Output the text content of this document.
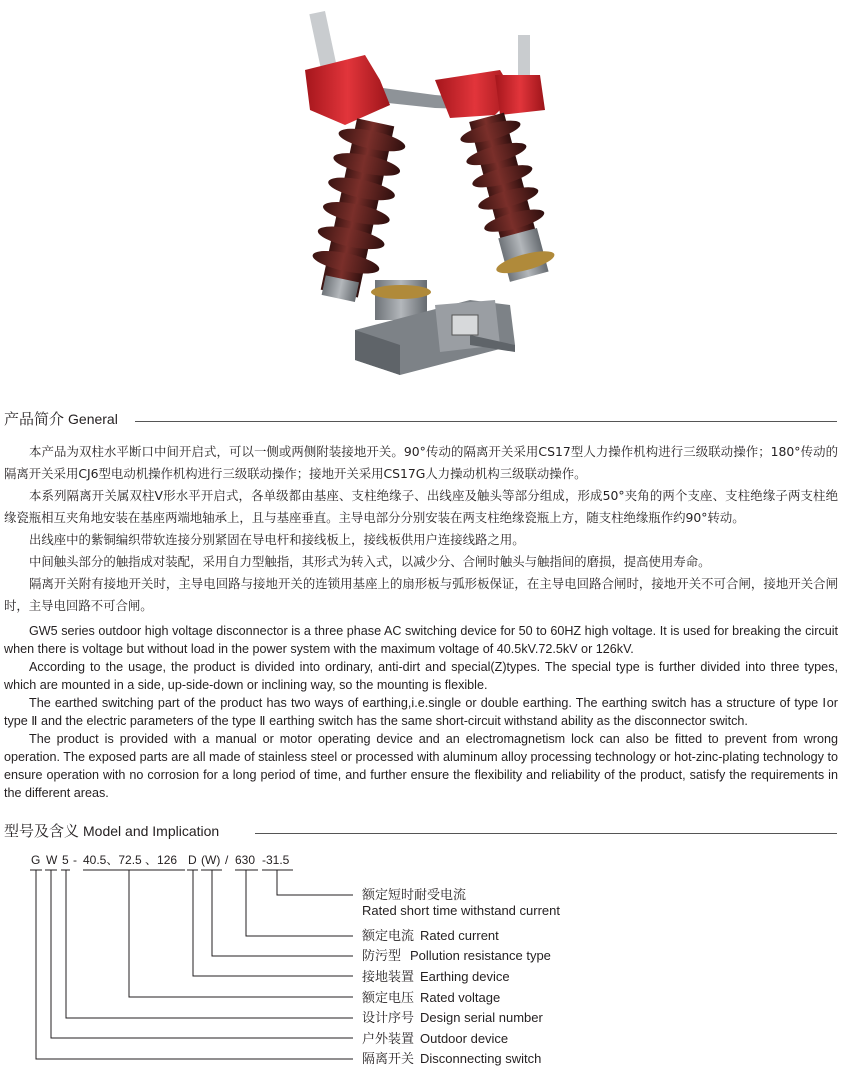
产品简介 General

本产品为双柱水平断口中间开启式，可以一侧或两侧附装接地开关。90°传动的隔离开关采用CS17型人力操作机构进行三级联动操作；180°传动的隔离开关采用CJ6型电动机操作机构进行三级联动操作；接地开关采用CS17G人力操动机构三级联动操作。

本系列隔离开关属双柱V形水平开启式，各单级都由基座、支柱绝缘子、出线座及触头等部分组成，形成50°夹角的两个支座、支柱绝缘子两支柱绝缘瓷瓶相互夹角地安装在基座两端地轴承上，且与基座垂直。主导电部分分别安装在两支柱绝缘瓷瓶上方，随支柱绝缘瓶作约90°转动。

出线座中的紫铜编织带软连接分别紧固在导电杆和接线板上，接线板供用户连接线路之用。

中间触头部分的触指成对装配，采用自力型触指，其形式为转入式，以减少分、合闸时触头与触指间的磨损，提高使用寿命。

隔离开关附有接地开关时，主导电回路与接地开关的连锁用基座上的扇形板与弧形板保证，在主导电回路合闸时，接地开关不可合闸，接地开关合闸时，主导电回路不可合闸。

GW5 series outdoor high voltage disconnector is a three phase AC switching device for 50 to 60HZ high voltage. It is used for breaking the circuit when there is voltage but without load in the power system with the maximum voltage of 40.5kV.72.5kV or 126kV.

According to the usage, the product is divided into ordinary, anti-dirt and special(Z)types. The special type is further divided into three types, which are mounted in a side, up-side-down or inclining way, so the mounting is flexible.

The earthed switching part of the product has two ways of earthing,i.e.single or double earthing. The earthing switch has a structure of type Ⅰor type Ⅱ and the electric parameters of the type Ⅱ earthing switch has the same short-circuit withstand ability as the disconnector switch.

The product is provided with a manual or motor operating device and an electromagnetism lock can also be fitted to prevent from wrong operation. The exposed parts are all made of stainless steel or processed with aluminum alloy processing technology or hot-zinc-plating technology to ensure operation with no corrosion for a long period of time, and further ensure the flexibility and reliability of the product, satisfy the requirements in the different areas.

型号及含义 Model and Implication
G W 5 - 40.5、72.5 、126 D (W) / 630 -31.5
额定短时耐受电流
Rated short time withstand current
额定电流 Rated current
防污型 Pollution resistance type
接地装置 Earthing device
额定电压 Rated voltage
设计序号 Design serial number
户外装置 Outdoor device
隔离开关 Disconnecting switch
